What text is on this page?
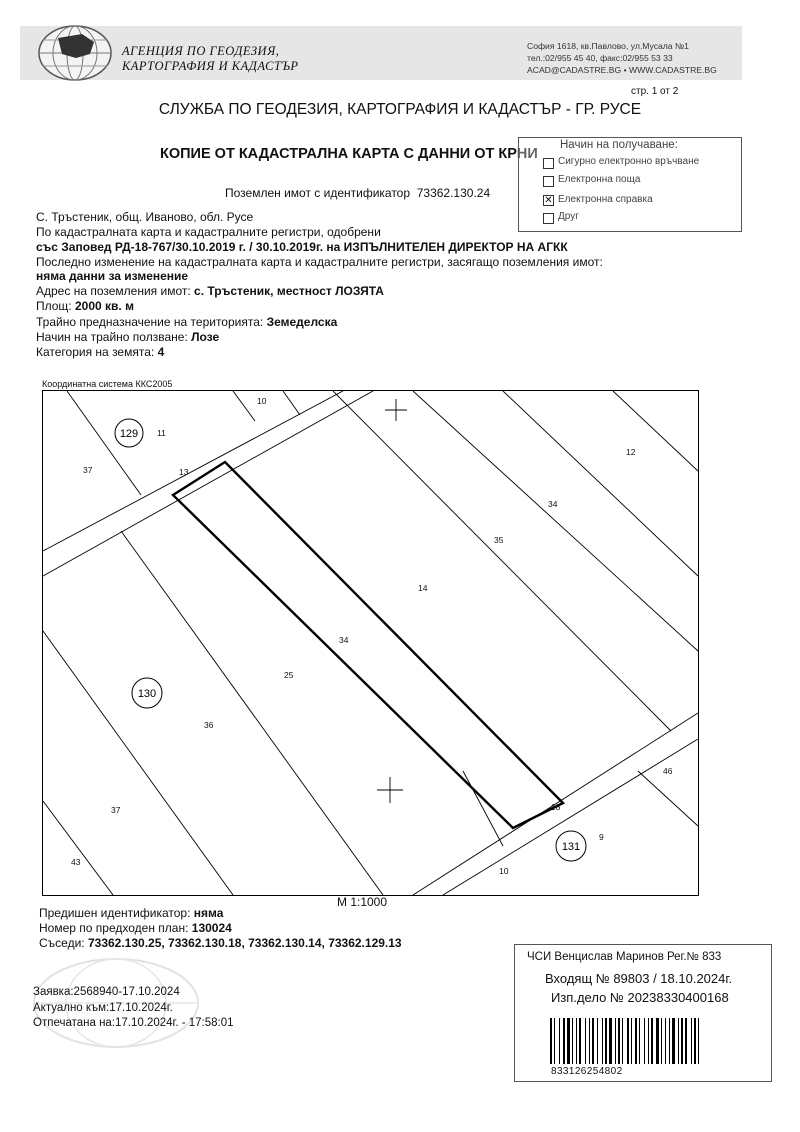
АГЕНЦИЯ ПО ГЕОДЕЗИЯ,
КАРТОГРАФИЯ И КАДАСТЪР
София 1618, кв.Павлово, ул.Мусала №1
тел.:02/955 45 40, факс:02/955 53 33
ACAD@CADASTRE.BG • WWW.CADASTRE.BG
стр. 1 от 2
СЛУЖБА ПО ГЕОДЕЗИЯ, КАРТОГРАФИЯ И КАДАСТЪР - ГР. РУСЕ
КОПИЕ ОТ КАДАСТРАЛНА КАРТА С ДАННИ ОТ КРНИ
Поземлен имот с идентификатор 73362.130.24
Начин на получаване:
Сигурно електронно връчване
Електронна поща
✕ Електронна справка
Друг
С. Тръстеник, общ. Иваново, обл. Русе
По кадастралната карта и кадастралните регистри, одобрени
със Заповед РД-18-767/30.10.2019 г. / 30.10.2019г. на ИЗПЪЛНИТЕЛЕН ДИРЕКТОР НА АГКК
Последно изменение на кадастралната карта и кадастралните регистри, засягащо поземления имот:
няма данни за изменение
Адрес на поземления имот: с. Тръстеник, местност ЛОЗЯТА
Площ: 2000 кв. м
Трайно предназначение на територията: Земеделска
Начин на трайно ползване: Лозе
Категория на земята: 4
Координатна система ККС2005
129
130
131
10
11
37	13
12
34
35
14
34
25
36
37
43
46
18
9
10
М 1:1000
Предишен идентификатор: няма
Номер по предходен план: 130024
Съседи: 73362.130.25, 73362.130.18, 73362.130.14, 73362.129.13
Заявка:2568940-17.10.2024
Актуално към:17.10.2024г.
Отпечатана на:17.10.2024г. - 17:58:01
ЧСИ Венцислав Маринов Рег.№ 833
Входящ № 89803 / 18.10.2024г.
Изп.дело № 20238330400168
833126254802
